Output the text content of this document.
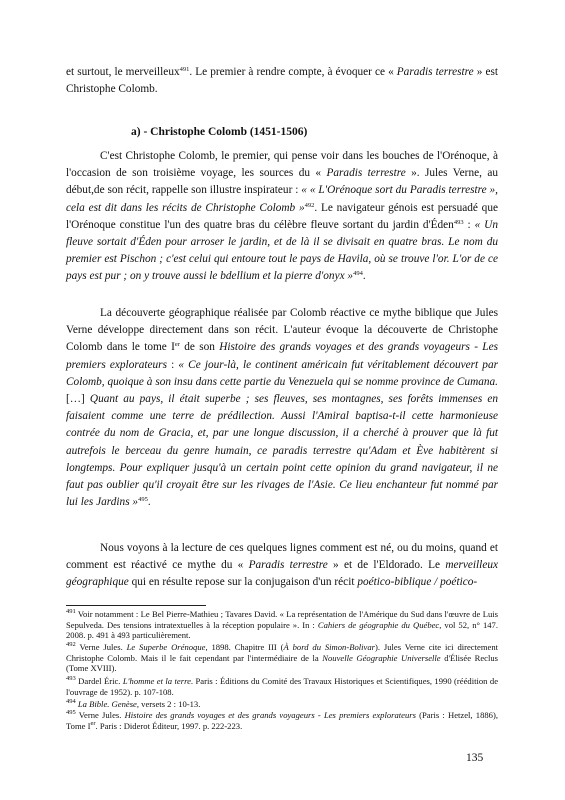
et surtout, le merveilleux$^{491}$. Le premier à rendre compte, à évoquer ce « Paradis terrestre » est Christophe Colomb.

a) - Christophe Colomb (1451-1506)

C'est Christophe Colomb, le premier, qui pense voir dans les bouches de l'Orénoque, à l'occasion de son troisième voyage, les sources du « Paradis terrestre ». Jules Verne, au début,de son récit, rappelle son illustre inspirateur : « « L'Orénoque sort du Paradis terrestre », cela est dit dans les récits de Christophe Colomb »$^{492}$. Le navigateur génois est persuadé que l'Orénoque constitue l'un des quatre bras du célèbre fleuve sortant du jardin d'Éden$^{493}$ : « Un fleuve sortait d'Éden pour arroser le jardin, et de là il se divisait en quatre bras. Le nom du premier est Pischon ; c'est celui qui entoure tout le pays de Havila, où se trouve l'or. L'or de ce pays est pur ; on y trouve aussi le bdellium et la pierre d'onyx »$^{494}$.

La découverte géographique réalisée par Colomb réactive ce mythe biblique que Jules Verne développe directement dans son récit. L'auteur évoque la découverte de Christophe Colomb dans le tome Ier de son Histoire des grands voyages et des grands voyageurs - Les premiers explorateurs : « Ce jour-là, le continent américain fut véritablement découvert par Colomb, quoique à son insu dans cette partie du Venezuela qui se nomme province de Cumana. […] Quant au pays, il était superbe ; ses fleuves, ses montagnes, ses forêts immenses en faisaient comme une terre de prédilection. Aussi l'Amiral baptisa-t-il cette harmonieuse contrée du nom de Gracia, et, par une longue discussion, il a cherché à prouver que là fut autrefois le berceau du genre humain, ce paradis terrestre qu'Adam et Ève habitèrent si longtemps. Pour expliquer jusqu'à un certain point cette opinion du grand navigateur, il ne faut pas oublier qu'il croyait être sur les rivages de l'Asie. Ce lieu enchanteur fut nommé par lui les Jardins »$^{495}$.

Nous voyons à la lecture de ces quelques lignes comment est né, ou du moins, quand et comment est réactivé ce mythe du « Paradis terrestre » et de l'Eldorado. Le merveilleux géographique qui en résulte repose sur la conjugaison d'un récit poético-biblique / poético-

$^{491}$ Voir notamment : Le Bel Pierre-Mathieu ; Tavares David. « La représentation de l'Amérique du Sud dans l'œuvre de Luis Sepulveda. Des tensions intratextuelles à la réception populaire ». In : Cahiers de géographie du Québec, vol 52, n° 147. 2008. p. 491 à 493 particulièrement.

$^{492}$ Verne Jules. Le Superbe Orénoque, 1898. Chapitre III (À bord du Simon-Bolivar). Jules Verne cite ici directement Christophe Colomb. Mais il le fait cependant par l'intermédiaire de la Nouvelle Géographie Universelle d'Élisée Reclus (Tome XVIII).

$^{493}$ Dardel Éric. L'homme et la terre. Paris : Éditions du Comité des Travaux Historiques et Scientifiques, 1990 (réédition de l'ouvrage de 1952). p. 107-108.

$^{494}$ La Bible. Genèse, versets 2 : 10-13.

$^{495}$ Verne Jules. Histoire des grands voyages et des grands voyageurs - Les premiers explorateurs (Paris : Hetzel, 1886), Tome Ier. Paris : Diderot Éditeur, 1997. p. 222-223.

135
